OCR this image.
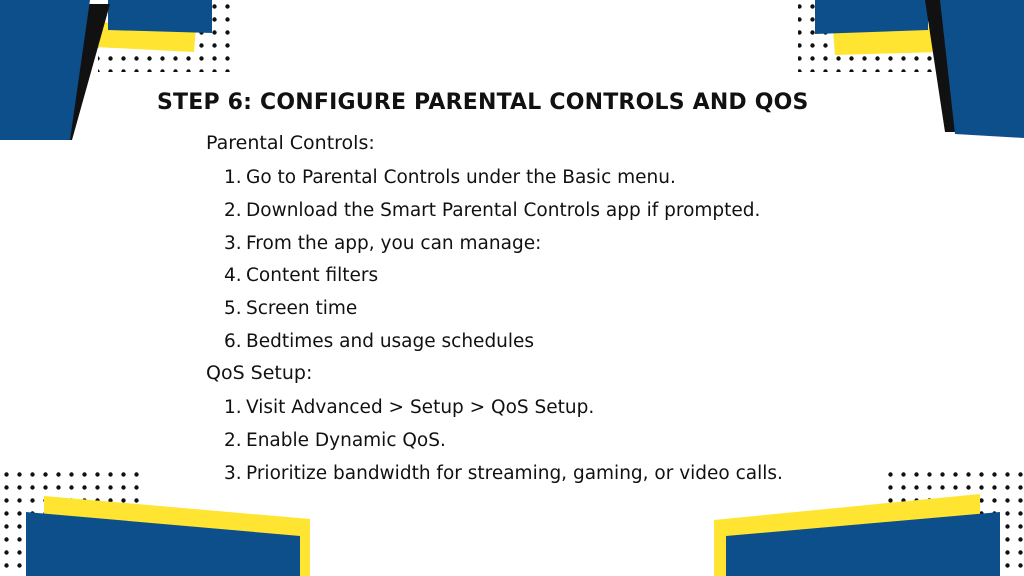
STEP 6: CONFIGURE PARENTAL CONTROLS AND QOS
Parental Controls:
1. Go to Parental Controls under the Basic menu.
2. Download the Smart Parental Controls app if prompted.
3. From the app, you can manage:
4. Content filters
5. Screen time
6. Bedtimes and usage schedules
QoS Setup:
1. Visit Advanced > Setup > QoS Setup.
2. Enable Dynamic QoS.
3. Prioritize bandwidth for streaming, gaming, or video calls.
